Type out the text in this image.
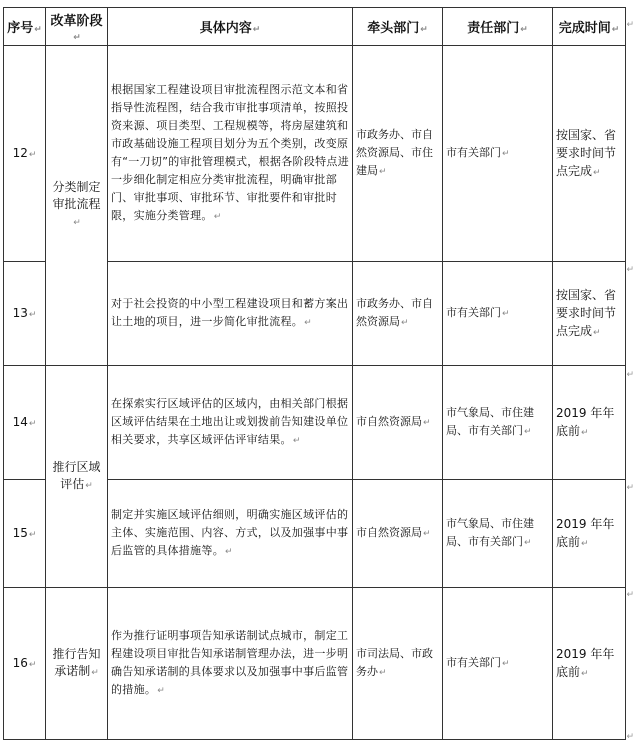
序号↵	改革阶段↵	具体内容↵	牵头部门↵	责任部门↵	完成时间↵
12↵	分类制定审批流程↵	根据国家工程建设项目审批流程图示范文本和省指导性流程图，结合我市审批事项清单，按照投资来源、项目类型、工程规模等，将房屋建筑和市政基础设施工程项目划分为五个类别，改变原有“一刀切”的审批管理模式，根据各阶段特点进一步细化制定相应分类审批流程，明确审批部门、审批事项、审批环节、审批要件和审批时限，实施分类管理。↵	市政务办、市自然资源局、市住建局↵	市有关部门↵	按国家、省要求时间节点完成↵
13↵		对于社会投资的中小型工程建设项目和蓄方案出让土地的项目，进一步简化审批流程。↵	市政务办、市自然资源局↵	市有关部门↵	按国家、省要求时间节点完成↵
14↵	推行区域评估↵	在探索实行区域评估的区域内，由相关部门根据区域评估结果在土地出让或划拨前告知建设单位相关要求，共享区域评估评审结果。↵	市自然资源局↵	市气象局、市住建局、市有关部门↵	2019 年年底前↵
15↵		制定并实施区域评估细则，明确实施区域评估的主体、实施范围、内容、方式，以及加强事中事后监管的具体措施等。↵	市自然资源局↵	市气象局、市住建局、市有关部门↵	2019 年年底前↵
16↵	推行告知承诺制↵	作为推行证明事项告知承诺制试点城市，制定工程建设项目审批告知承诺制管理办法，进一步明确告知承诺制的具体要求以及加强事中事后监管的措施。↵	市司法局、市政务办↵	市有关部门↵	2019 年年底前↵
↵
↵
↵
↵
↵
↵
